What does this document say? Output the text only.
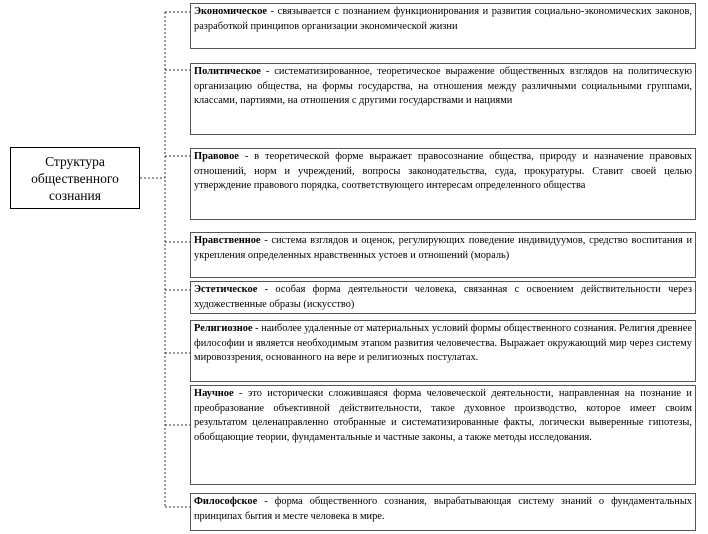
Структура
общественного
сознания
Экономическое - связывается с познанием функционирования и развития социально-экономических законов, разработкой принципов организации экономической жизни
Политическое - систематизированное, теоретическое выражение общественных взглядов на политическую организацию общества, на формы государства, на отношения между различными социальными группами, классами, партиями, на отношения с другими государствами и нациями
Правовое - в теоретической форме выражает правосознание общества, природу и назначение правовых отношений, норм и учреждений, вопросы законодательства, суда, прокуратуры. Ставит своей целью утверждение правового порядка, соответствующего интересам определенного общества
Нравственное - система взглядов и оценок, регулирующих поведение индивидуумов, средство воспитания и укрепления определенных нравственных устоев и отношений (мораль)
Эстетическое - особая форма деятельности человека, связанная с освоением действительности через художественные образы (искусство)
Религиозное - наиболее удаленные от материальных условий формы общественного сознания. Религия древнее философии и является необходимым этапом развития человечества. Выражает окружающий мир через систему мировоззрения, основанного на вере и религиозных постулатах.
Научное - это исторически сложившаяся форма человеческой деятельности, направленная на познание и преобразование объективной действительности, такое духовное производство, которое имеет своим результатом целенаправленно отобранные и систематизированные факты, логически выверенные гипотезы, обобщающие теории, фундаментальные и частные законы, а также методы исследования.
Философское - форма общественного сознания, вырабатывающая систему знаний о фундаментальных принципах бытия и месте человека в мире.
